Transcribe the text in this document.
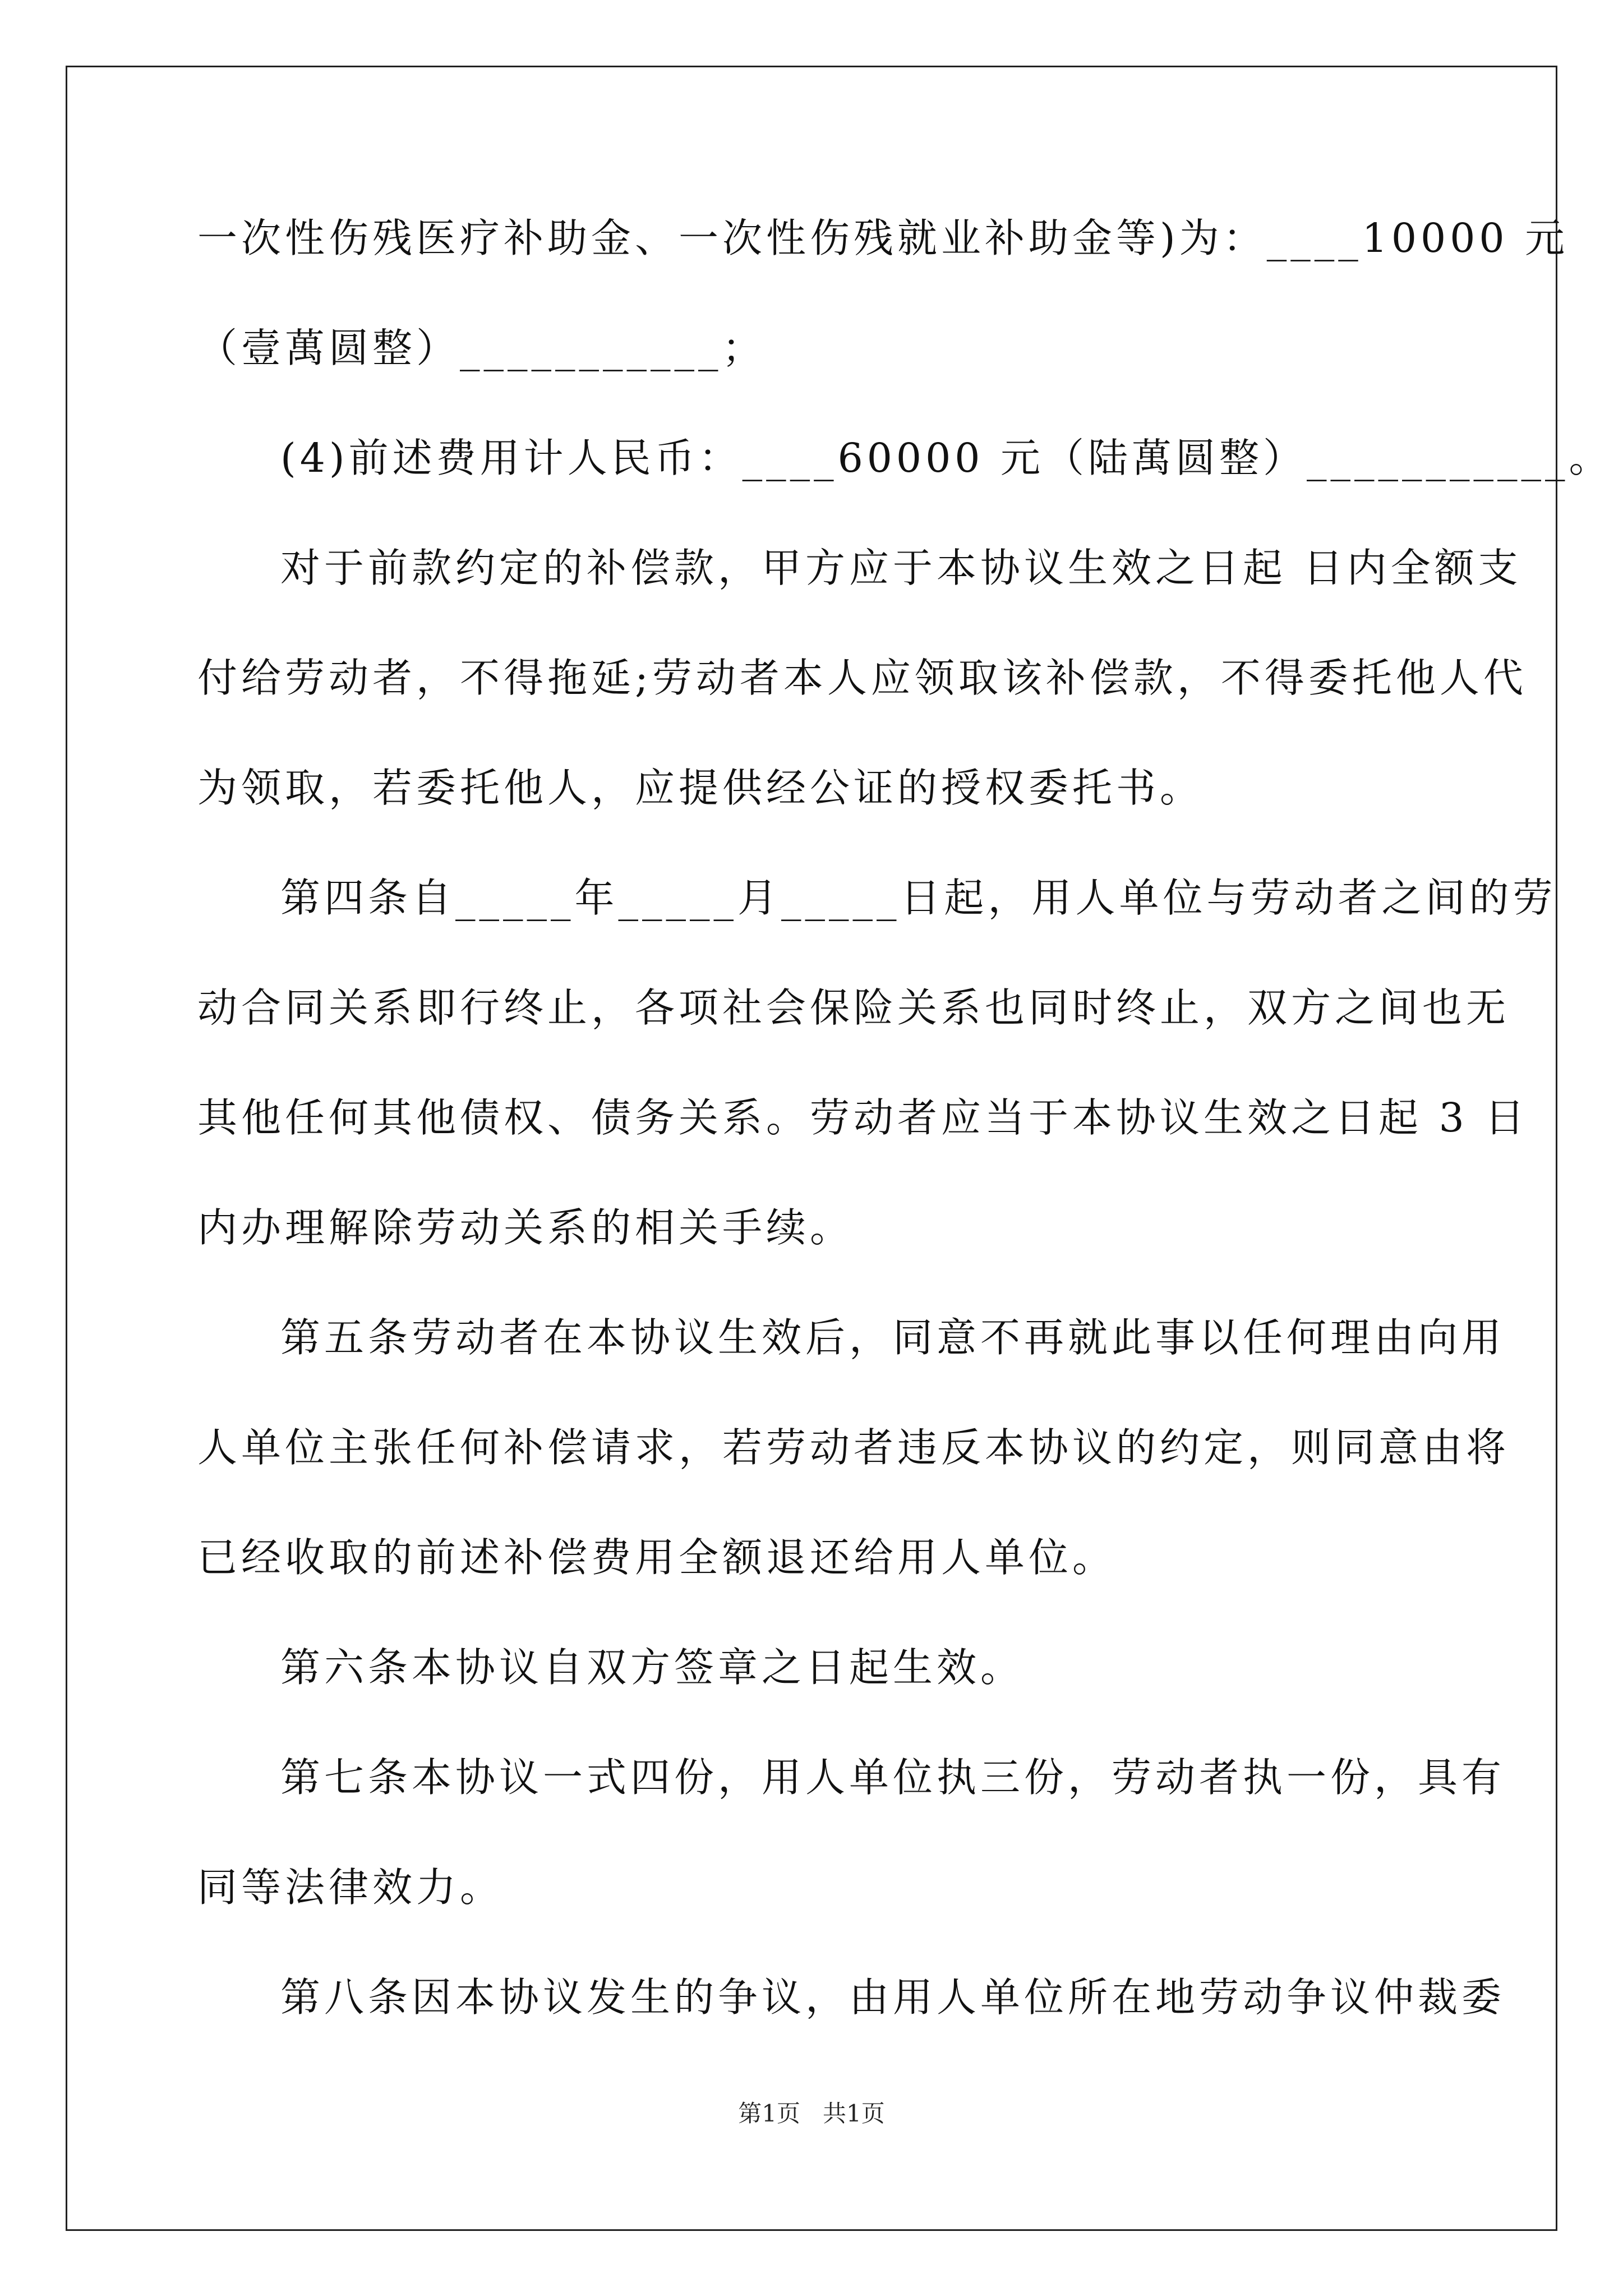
一次性伤残医疗补助金、一次性伤残就业补助金等)为：____10000 元
（壹萬圆整）___________；
(4)前述费用计人民币：____60000 元（陆萬圆整）___________。
对于前款约定的补偿款，甲方应于本协议生效之日起 日内全额支
付给劳动者，不得拖延;劳动者本人应领取该补偿款，不得委托他人代
为领取，若委托他人，应提供经公证的授权委托书。
第四条自_____年_____月_____日起，用人单位与劳动者之间的劳
动合同关系即行终止，各项社会保险关系也同时终止，双方之间也无
其他任何其他债权、债务关系。劳动者应当于本协议生效之日起 3 日
内办理解除劳动关系的相关手续。
第五条劳动者在本协议生效后，同意不再就此事以任何理由向用
人单位主张任何补偿请求，若劳动者违反本协议的约定，则同意由将
已经收取的前述补偿费用全额退还给用人单位。
第六条本协议自双方签章之日起生效。
第七条本协议一式四份，用人单位执三份，劳动者执一份，具有
同等法律效力。
第八条因本协议发生的争议，由用人单位所在地劳动争议仲裁委
第1页   共1页
